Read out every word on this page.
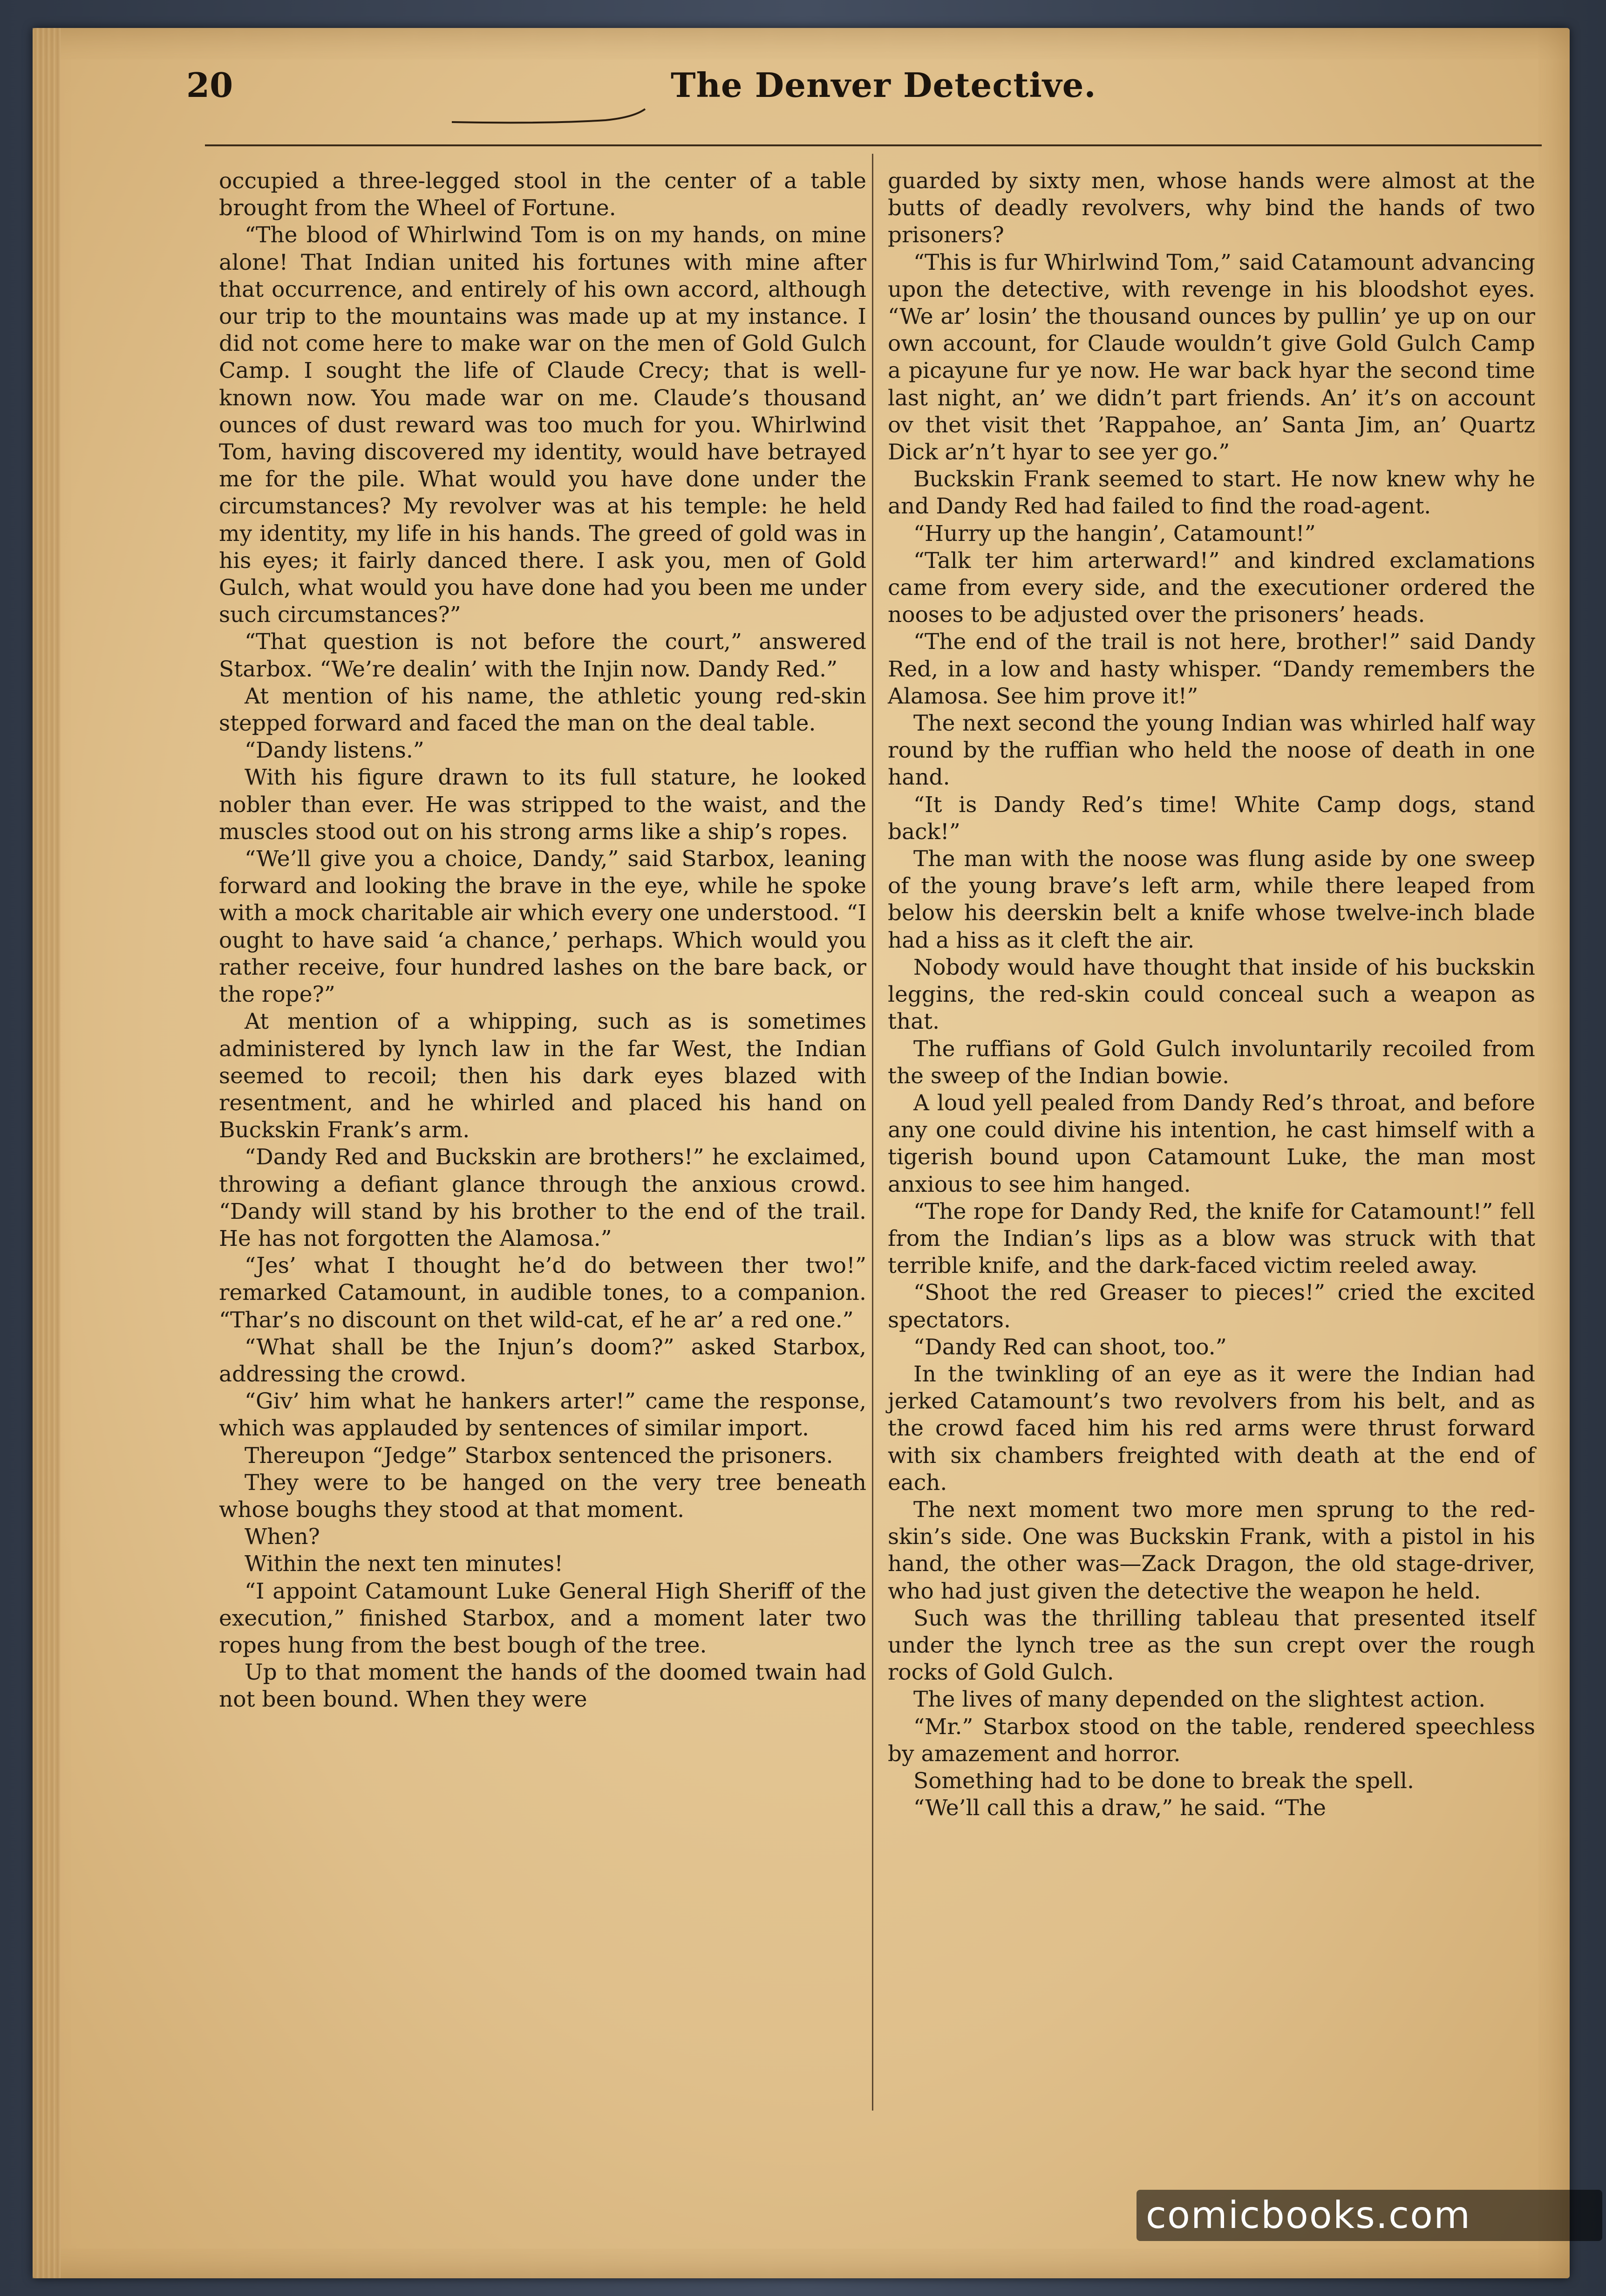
20	The Denver Detective.

occupied a three-legged stool in the center of a table brought from the Wheel of Fortune.

“The blood of Whirlwind Tom is on my hands, on mine alone! That Indian united his fortunes with mine after that occurrence, and entirely of his own accord, although our trip to the mountains was made up at my instance. I did not come here to make war on the men of Gold Gulch Camp. I sought the life of Claude Crecy; that is well-known now. You made war on me. Claude’s thousand ounces of dust reward was too much for you. Whirlwind Tom, having discovered my identity, would have betrayed me for the pile. What would you have done under the circumstances? My revolver was at his temple: he held my identity, my life in his hands. The greed of gold was in his eyes; it fairly danced there. I ask you, men of Gold Gulch, what would you have done had you been me under such circumstances?”

“That question is not before the court,” answered Starbox. “We’re dealin’ with the Injin now. Dandy Red.”

At mention of his name, the athletic young red-skin stepped forward and faced the man on the deal table.

“Dandy listens.”

With his figure drawn to its full stature, he looked nobler than ever. He was stripped to the waist, and the muscles stood out on his strong arms like a ship’s ropes.

“We’ll give you a choice, Dandy,” said Starbox, leaning forward and looking the brave in the eye, while he spoke with a mock charitable air which every one understood. “I ought to have said ‘a chance,’ perhaps. Which would you rather receive, four hundred lashes on the bare back, or the rope?”

At mention of a whipping, such as is sometimes administered by lynch law in the far West, the Indian seemed to recoil; then his dark eyes blazed with resentment, and he whirled and placed his hand on Buckskin Frank’s arm.

“Dandy Red and Buckskin are brothers!” he exclaimed, throwing a defiant glance through the anxious crowd. “Dandy will stand by his brother to the end of the trail. He has not forgotten the Alamosa.”

“Jes’ what I thought he’d do between ther two!” remarked Catamount, in audible tones, to a companion. “Thar’s no discount on thet wild-cat, ef he ar’ a red one.”

“What shall be the Injun’s doom?” asked Starbox, addressing the crowd.

“Giv’ him what he hankers arter!” came the response, which was applauded by sentences of similar import.

Thereupon “Jedge” Starbox sentenced the prisoners.

They were to be hanged on the very tree beneath whose boughs they stood at that moment.

When?

Within the next ten minutes!

“I appoint Catamount Luke General High Sheriff of the execution,” finished Starbox, and a moment later two ropes hung from the best bough of the tree.

Up to that moment the hands of the doomed twain had not been bound. When they were

guarded by sixty men, whose hands were almost at the butts of deadly revolvers, why bind the hands of two prisoners?

“This is fur Whirlwind Tom,” said Catamount advancing upon the detective, with revenge in his bloodshot eyes. “We ar’ losin’ the thousand ounces by pullin’ ye up on our own account, for Claude wouldn’t give Gold Gulch Camp a picayune fur ye now. He war back hyar the second time last night, an’ we didn’t part friends. An’ it’s on account ov thet visit thet ’Rappahoe, an’ Santa Jim, an’ Quartz Dick ar’n’t hyar to see yer go.”

Buckskin Frank seemed to start. He now knew why he and Dandy Red had failed to find the road-agent.

“Hurry up the hangin’, Catamount!”

“Talk ter him arterward!” and kindred exclamations came from every side, and the executioner ordered the nooses to be adjusted over the prisoners’ heads.

“The end of the trail is not here, brother!” said Dandy Red, in a low and hasty whisper. “Dandy remembers the Alamosa. See him prove it!”

The next second the young Indian was whirled half way round by the ruffian who held the noose of death in one hand.

“It is Dandy Red’s time! White Camp dogs, stand back!”

The man with the noose was flung aside by one sweep of the young brave’s left arm, while there leaped from below his deerskin belt a knife whose twelve-inch blade had a hiss as it cleft the air.

Nobody would have thought that inside of his buckskin leggins, the red-skin could conceal such a weapon as that.

The ruffians of Gold Gulch involuntarily recoiled from the sweep of the Indian bowie.

A loud yell pealed from Dandy Red’s throat, and before any one could divine his intention, he cast himself with a tigerish bound upon Catamount Luke, the man most anxious to see him hanged.

“The rope for Dandy Red, the knife for Catamount!” fell from the Indian’s lips as a blow was struck with that terrible knife, and the dark-faced victim reeled away.

“Shoot the red Greaser to pieces!” cried the excited spectators.

“Dandy Red can shoot, too.”

In the twinkling of an eye as it were the Indian had jerked Catamount’s two revolvers from his belt, and as the crowd faced him his red arms were thrust forward with six chambers freighted with death at the end of each.

The next moment two more men sprung to the red-skin’s side. One was Buckskin Frank, with a pistol in his hand, the other was—Zack Dragon, the old stage-driver, who had just given the detective the weapon he held.

Such was the thrilling tableau that presented itself under the lynch tree as the sun crept over the rough rocks of Gold Gulch.

The lives of many depended on the slightest action.

“Mr.” Starbox stood on the table, rendered speechless by amazement and horror.

Something had to be done to break the spell.

“We’ll call this a draw,” he said. “The

comicbooks.com
